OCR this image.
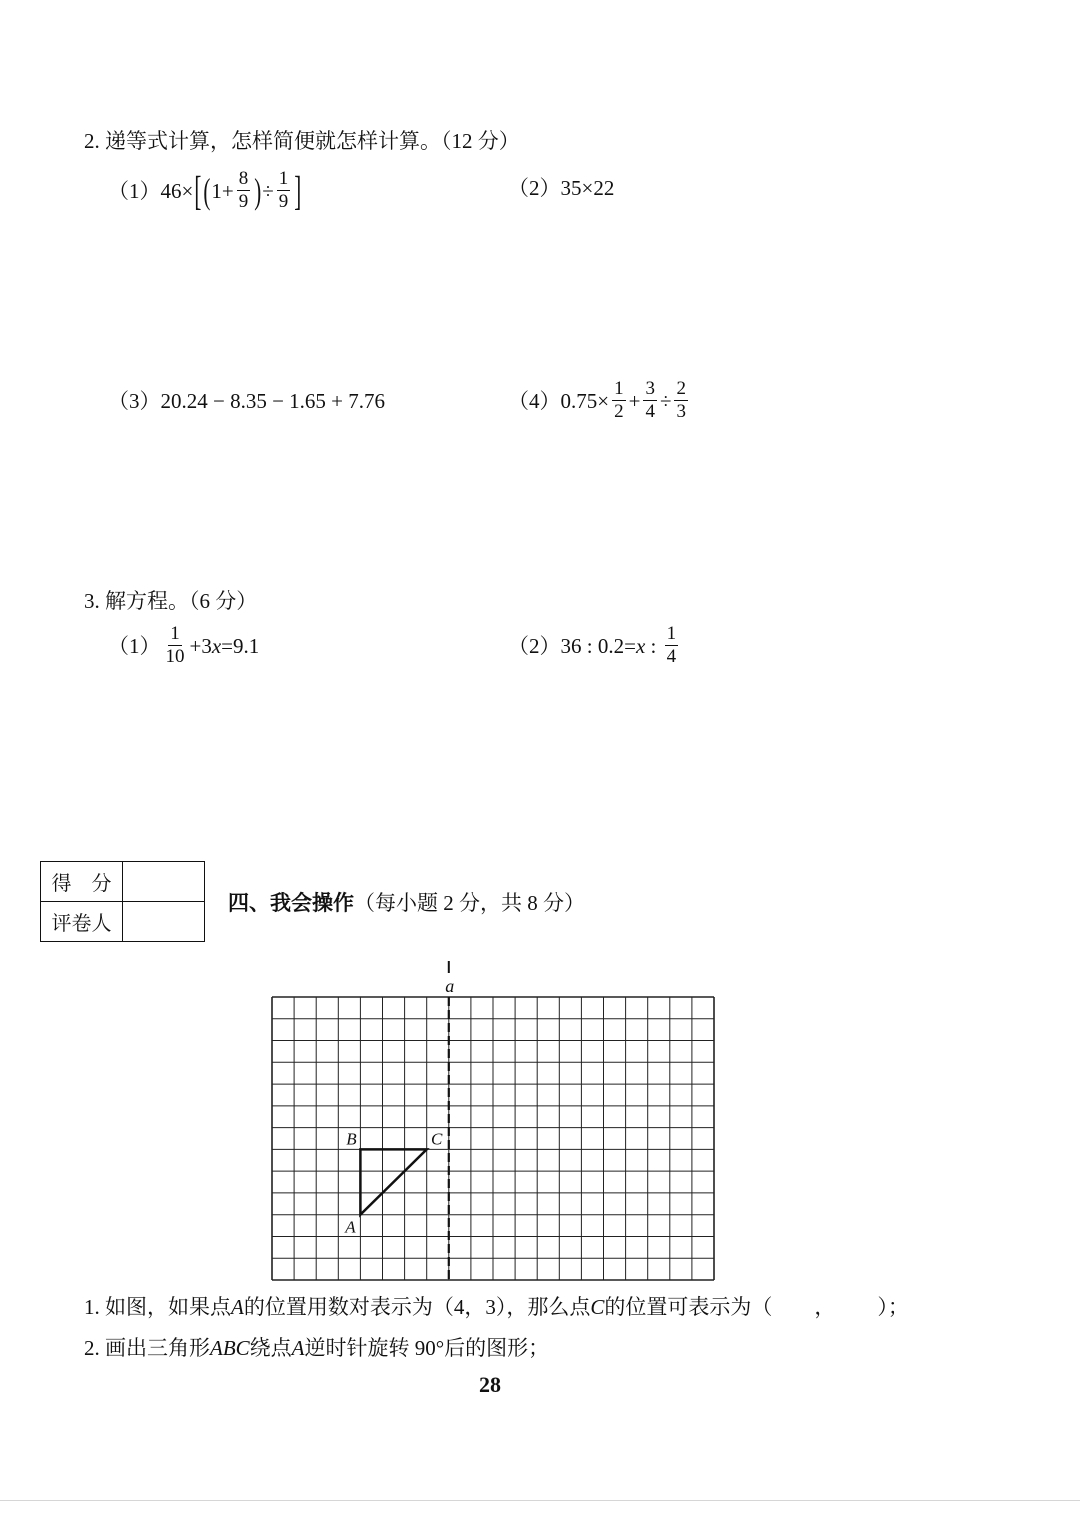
2. 递等式计算，怎样简便就怎样计算。（12 分）
（1） 46× [ ( $1+ \frac{8}{9}$ ) ÷ $\frac{1}{9}$ ]	（2） 35×22
（3） 20.24 − 8.35 − 1.65 + 7.76	（4） $0.75\times \frac{1}{2} + \frac{3}{4} \div \frac{2}{3}$
3. 解方程。（6 分）
$(1) \frac{1}{10} +3$ x =9.1	（2） 36 : 0.2= x : $\frac{1}{4}$
得　分
评卷人
四、我会操作 （每小题 2 分，共 8 分）
a
A
B	C
1. 如图，如果点 A 的位置用数对表示为（4，3），那么点 C 的位置可表示为（ ， ）；
2. 画出三角形 ABC 绕点 A 逆时针旋转 90°后的图形；
28
